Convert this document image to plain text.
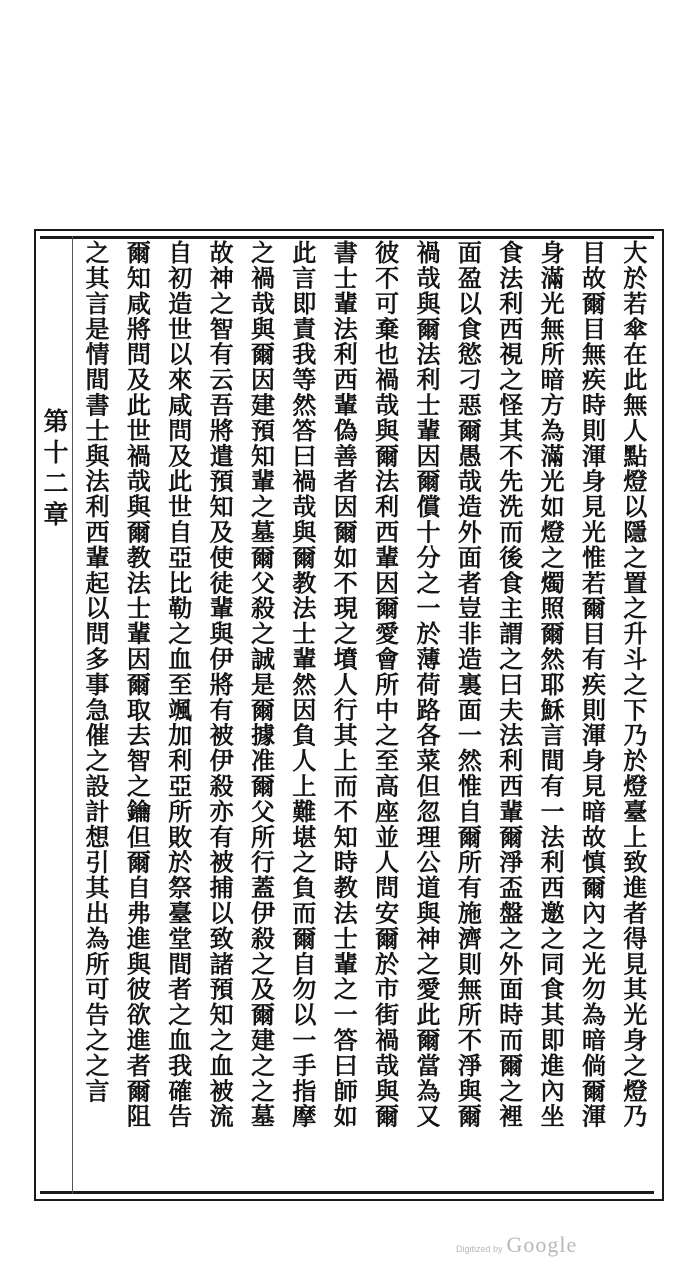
大於若傘在此無人點燈以隱之置之升斗之下乃於燈臺上致進者得見其光身之燈乃
目故爾目無疾時則渾身見光惟若爾目有疾則渾身見暗故慎爾內之光勿為暗倘爾渾
身滿光無所暗方為滿光如燈之燭照爾然耶穌言間有一法利西邀之同食其即進內坐
食法利西視之怪其不先洗而後食主謂之曰夫法利西輩爾淨盃盤之外面時而爾之裡
面盈以食慾刁惡爾愚哉造外面者豈非造裏面一然惟自爾所有施濟則無所不淨與爾
禍哉與爾法利士輩因爾償十分之一於薄荷路各菜但忽理公道與神之愛此爾當為又
彼不可棄也禍哉與爾法利西輩因爾愛會所中之至高座並人問安爾於市街禍哉與爾
書士輩法利西輩偽善者因爾如不現之墳人行其上而不知時教法士輩之一答曰師如
此言即責我等然答曰禍哉與爾教法士輩然因負人上難堪之負而爾自勿以一手指摩
之禍哉與爾因建預知輩之墓爾父殺之誠是爾據准爾父所行蓋伊殺之及爾建之之墓
故神之智有云吾將遣預知及使徒輩與伊將有被伊殺亦有被捕以致諸預知之血被流
自初造世以來咸問及此世自亞比勒之血至颯加利亞所敗於祭臺堂間者之血我確告
爾知咸將問及此世禍哉與爾教法士輩因爾取去智之鑰但爾自弗進與彼欲進者爾阻
之其言是情間書士與法利西輩起以問多事急催之設計想引其出為所可告之之言
第十二章
Digitized by Google
